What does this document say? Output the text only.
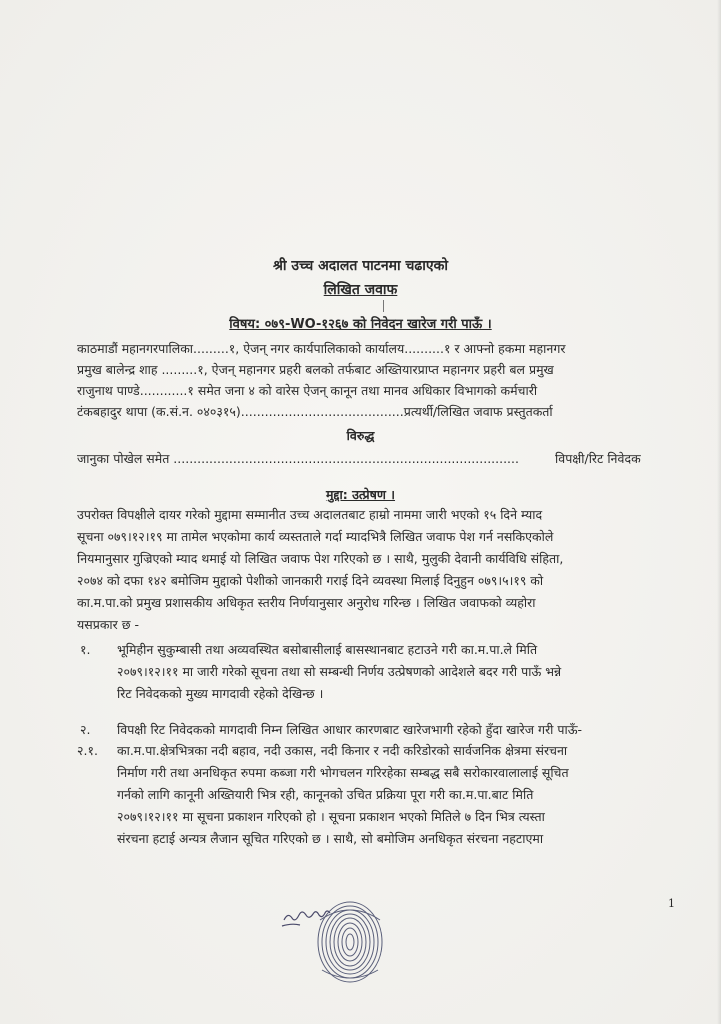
श्री उच्च अदालत पाटनमा चढाएको
लिखित जवाफ
विषय: ०७९-WO-१२६७ को निवेदन खारेज गरी पाऊँ ।
काठमाडौं महानगरपालिका.........१, ऐजन् नगर कार्यपालिकाको कार्यालय..........१ र आफ्नो हकमा महानगर
प्रमुख बालेन्द्र शाह .........१, ऐजन् महानगर प्रहरी बलको तर्फबाट अख्तियारप्राप्त महानगर प्रहरी बल प्रमुख
राजुनाथ पाण्डे............१ समेत जना ४ को वारेस ऐजन् कानून तथा मानव अधिकार विभागको कर्मचारी
टंकबहादुर थापा (क.सं.न. ०४०३१५).........................................प्रत्यर्थी/लिखित जवाफ प्रस्तुतकर्ता
विरुद्ध
जानुका पोखेल समेत .......................................................................................	विपक्षी/रिट निवेदक
मुद्दा: उत्प्रेषण ।
उपरोक्त विपक्षीले दायर गरेको मुद्दामा सम्मानीत उच्च अदालतबाट हाम्रो नाममा जारी भएको १५ दिने म्याद
सूचना ०७९।१२।१९ मा तामेल भएकोमा कार्य व्यस्तताले गर्दा म्यादभित्रै लिखित जवाफ पेश गर्न नसकिएकोले
नियमानुसार गुज्रिएको म्याद थमाई यो लिखित जवाफ पेश गरिएको छ । साथै, मुलुकी देवानी कार्यविधि संहिता,
२०७४ को दफा १४२ बमोजिम मुद्दाको पेशीको जानकारी गराई दिने व्यवस्था मिलाई दिनुहुन ०७९।५।१९ को
का.म.पा.को प्रमुख प्रशासकीय अधिकृत स्तरीय निर्णयानुसार अनुरोध गरिन्छ । लिखित जवाफको व्यहोरा
यसप्रकार छ -
१. भूमिहीन सुकुम्बासी तथा अव्यवस्थित बसोबासीलाई बासस्थानबाट हटाउने गरी का.म.पा.ले मिति
२०७९।१२।११ मा जारी गरेको सूचना तथा सो सम्बन्धी निर्णय उत्प्रेषणको आदेशले बदर गरी पाऊँ भन्ने
रिट निवेदकको मुख्य मागदावी रहेको देखिन्छ ।
२. विपक्षी रिट निवेदकको मागदावी निम्न लिखित आधार कारणबाट खारेजभागी रहेको हुँदा खारेज गरी पाऊँ-
२.१. का.म.पा.क्षेत्रभित्रका नदी बहाव, नदी उकास, नदी किनार र नदी करिडोरको सार्वजनिक क्षेत्रमा संरचना
निर्माण गरी तथा अनधिकृत रुपमा कब्जा गरी भोगचलन गरिरहेका सम्बद्ध सबै सरोकारवालालाई सूचित
गर्नको लागि कानूनी अख्तियारी भित्र रही, कानूनको उचित प्रक्रिया पूरा गरी का.म.पा.बाट मिति
२०७९।१२।११ मा सूचना प्रकाशन गरिएको हो । सूचना प्रकाशन भएको मितिले ७ दिन भित्र त्यस्ता
संरचना हटाई अन्यत्र लैजान सूचित गरिएको छ । साथै, सो बमोजिम अनधिकृत संरचना नहटाएमा
1
